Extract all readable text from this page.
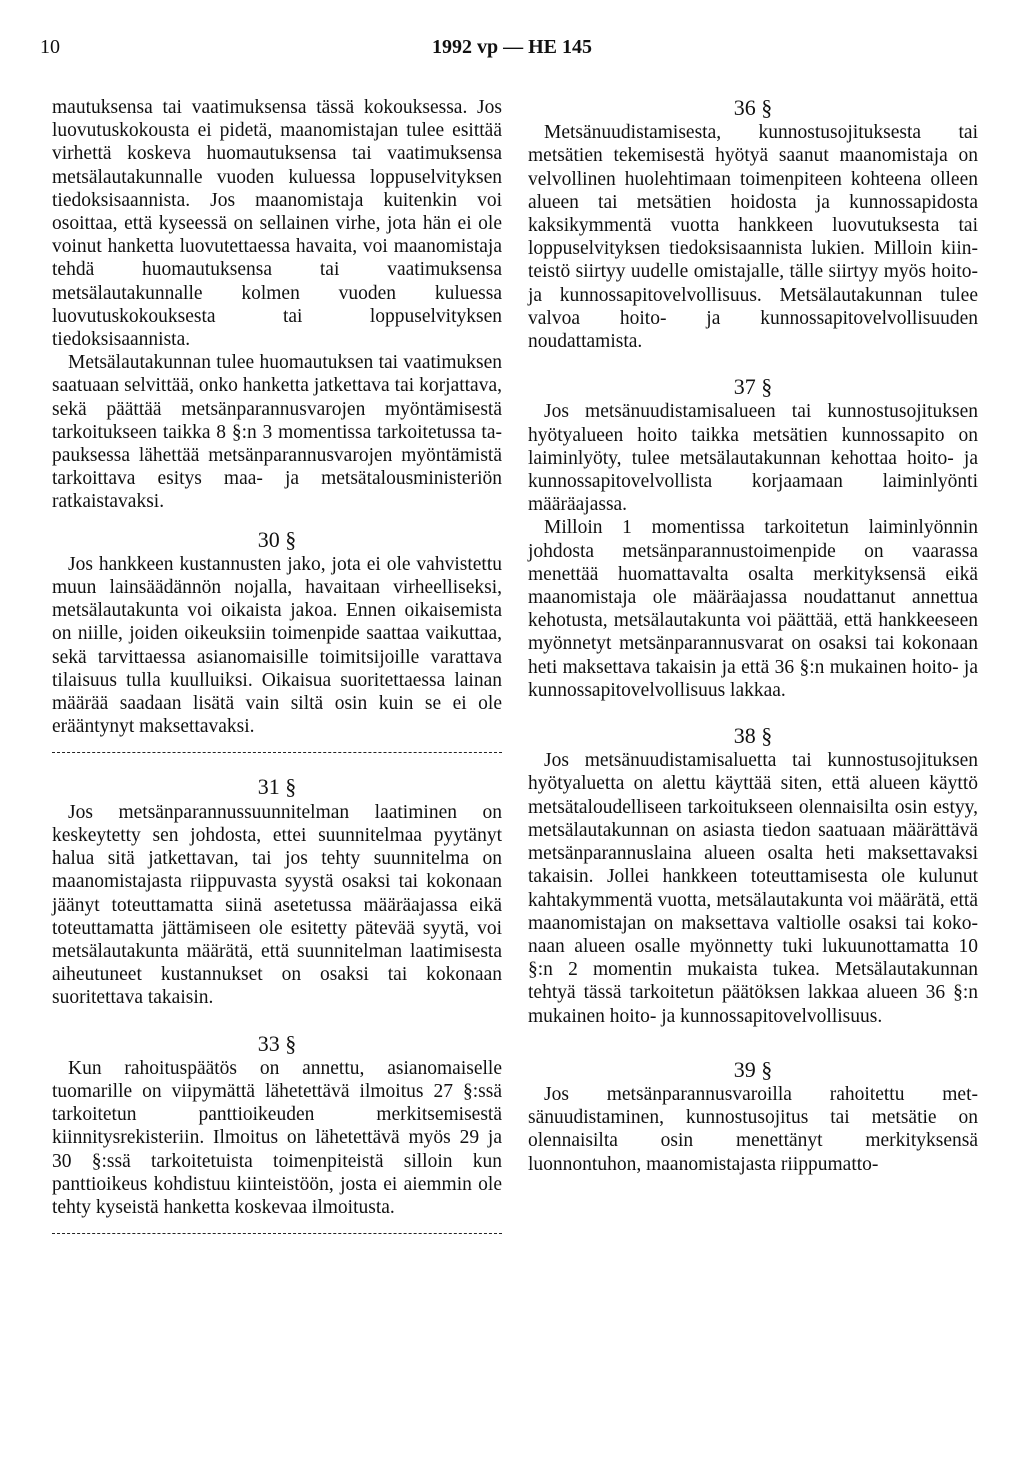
10	1992 vp — HE 145

mautuksensa tai vaatimuksensa tässä kokouksessa. Jos luovutuskokousta ei pidetä, maanomistajan tulee esittää virhettä koskeva huomautuksensa tai vaatimuksensa metsälautakunnalle vuoden kuluessa loppuselvityksen tiedoksisaannista. Jos maanomistaja kuitenkin voi osoittaa, että kyseessä on sellainen virhe, jota hän ei ole voinut hanketta luovutettaessa havaita, voi maanomistaja tehdä huomautuksensa tai vaatimuksensa metsälautakunnalle kolmen vuoden kuluessa luovutuskokouksesta tai loppuselvityksen tiedoksisaannista.

Metsälautakunnan tulee huomautuksen tai vaatimuksen saatuaan selvittää, onko hanketta jatkettava tai korjattava, sekä päättää metsänparannusvarojen myöntämisestä tarkoitukseen taikka 8 §:n 3 momentissa tarkoitetussa tapauksessa lähettää metsänparannusvarojen myöntämistä tarkoittava esitys maa- ja metsätalousministeriön ratkaistavaksi.

30 §

Jos hankkeen kustannusten jako, jota ei ole vahvistettu muun lainsäädännön nojalla, havaitaan virheelliseksi, metsälautakunta voi oikaista jakoa. Ennen oikaisemista on niille, joiden oikeuksiin toimenpide saattaa vaikuttaa, sekä tarvittaessa asianomaisille toimitsijoille varattava tilaisuus tulla kuulluiksi. Oikaisua suoritettaessa lainan määrää saadaan lisätä vain siltä osin kuin se ei ole erääntynyt maksettavaksi.

31 §

Jos metsänparannussuunnitelman laatiminen on keskeytetty sen johdosta, ettei suunnitelmaa pyytänyt halua sitä jatkettavan, tai jos tehty suunnitelma on maanomistajasta riippuvasta syystä osaksi tai kokonaan jäänyt toteuttamatta siinä asetetussa määräajassa eikä toteuttamatta jättämiseen ole esitetty pätevää syytä, voi metsälautakunta määrätä, että suunnitelman laatimisesta aiheutuneet kustannukset on osaksi tai kokonaan suoritettava takaisin.

33 §

Kun rahoituspäätös on annettu, asianomaiselle tuomarille on viipymättä lähetettävä ilmoitus 27 §:ssä tarkoitetun panttioikeuden merkitsemisestä kiinnitysrekisteriin. Ilmoitus on lähetettävä myös 29 ja 30 §:ssä tarkoitetuista toimenpiteistä silloin kun panttioikeus kohdistuu kiinteistöön, josta ei aiemmin ole tehty kyseistä hanketta koskevaa ilmoitusta.

36 §

Metsänuudistamisesta, kunnostusojituksesta tai metsätien tekemisestä hyötyä saanut maanomistaja on velvollinen huolehtimaan toimenpiteen kohteena olleen alueen tai metsätien hoidosta ja kunnossapidosta kaksikymmentä vuotta hankkeen luovutuksesta tai loppuselvityksen tiedoksisaannista lukien. Milloin kiinteistö siirtyy uudelle omistajalle, tälle siirtyy myös hoito- ja kunnossapitovelvollisuus. Metsälautakunnan tulee valvoa hoito- ja kunnossapitovelvollisuuden noudattamista.

37 §

Jos metsänuudistamisalueen tai kunnostusojituksen hyötyalueen hoito taikka metsätien kunnossapito on laiminlyöty, tulee metsälautakunnan kehottaa hoito- ja kunnossapitovelvollista korjaamaan laiminlyönti määräajassa.

Milloin 1 momentissa tarkoitetun laiminlyönnin johdosta metsänparannustoimenpide on vaarassa menettää huomattavalta osalta merkityksensä eikä maanomistaja ole määräajassa noudattanut annettua kehotusta, metsälautakunta voi päättää, että hankkeeseen myönnetyt metsänparannusvarat on osaksi tai kokonaan heti maksettava takaisin ja että 36 §:n mukainen hoito- ja kunnossapitovelvollisuus lakkaa.

38 §

Jos metsänuudistamisaluetta tai kunnostusojituksen hyötyaluetta on alettu käyttää siten, että alueen käyttö metsätaloudelliseen tarkoitukseen olennaisilta osin estyy, metsälautakunnan on asiasta tiedon saatuaan määrättävä metsänparannuslaina alueen osalta heti maksettavaksi takaisin. Jollei hankkeen toteuttamisesta ole kulunut kahtakymmentä vuotta, metsälautakunta voi määrätä, että maanomistajan on maksettava valtiolle osaksi tai kokonaan alueen osalle myönnetty tuki lukuunottamatta 10 §:n 2 momentin mukaista tukea. Metsälautakunnan tehtyä tässä tarkoitetun päätöksen lakkaa alueen 36 §:n mukainen hoito- ja kunnossapitovelvollisuus.

39 §

Jos metsänparannusvaroilla rahoitettu metsänuudistaminen, kunnostusojitus tai metsätie on olennaisilta osin menettänyt merkityksensä luonnontuhon, maanomistajasta riippumatto-
